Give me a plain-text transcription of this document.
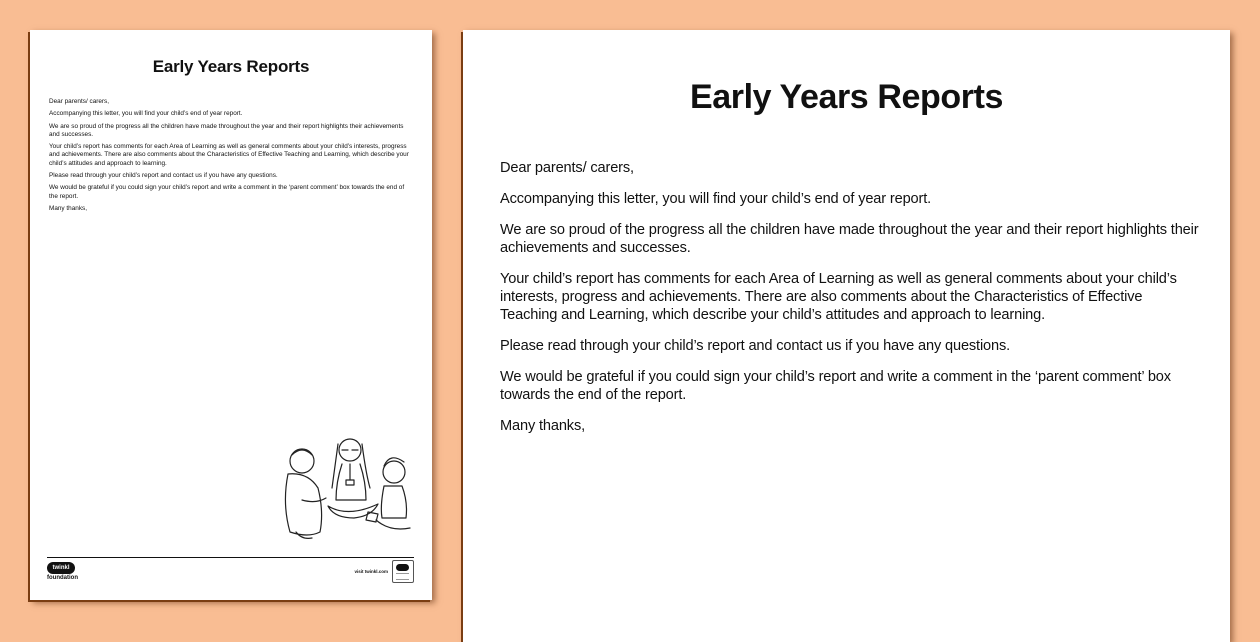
Early Years Reports

Dear parents/ carers,

Accompanying this letter, you will find your child’s end of year report.

We are so proud of the progress all the children have made throughout the year and their report highlights their achievements and successes.

Your child’s report has comments for each Area of Learning as well as general comments about your child’s interests, progress and achievements. There are also comments about the Characteristics of Effective Teaching and Learning, which describe your child’s attitudes and approach to learning.

Please read through your child’s report and contact us if you have any questions.

We would be grateful if you could sign your child’s report and write a comment in the ‘parent comment’ box towards the end of the report.

Many thanks,

twinkl
foundation
visit twinkl.com
Early Years Reports

Dear parents/ carers,

Accompanying this letter, you will find your child’s end of year report.

We are so proud of the progress all the children have made throughout the year and their report highlights their achievements and successes.

Your child’s report has comments for each Area of Learning as well as general comments about your child’s interests, progress and achievements. There are also comments about the Characteristics of Effective Teaching and Learning, which describe your child’s attitudes and approach to learning.

Please read through your child’s report and contact us if you have any questions.

We would be grateful if you could sign your child’s report and write a comment in the ‘parent comment’ box towards the end of the report.

Many thanks,
